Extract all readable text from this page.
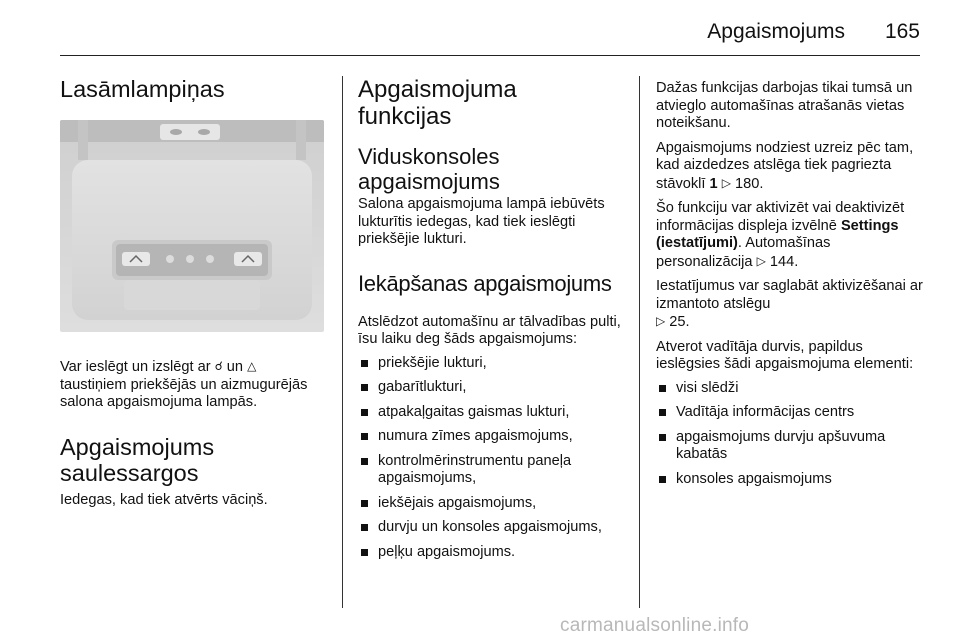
Apgaismojums 165
Lasāmlampiņas

Var ieslēgt un izslēgt ar ☌ un △ taustiņiem priekšējās un aizmugurējās salona apgaismojuma lampās.

Apgaismojums
saulessargos

Iedegas, kad tiek atvērts vāciņš.

Apgaismojuma
funkcijas
Viduskonsoles
apgaismojums

Salona apgaismojuma lampā iebūvēts lukturītis iedegas, kad tiek ieslēgti priekšējie lukturi.

Iekāpšanas apgaismojums

Atslēdzot automašīnu ar tālvadības pulti, īsu laiku deg šāds apgaismojums:

priekšējie lukturi,
gabarītlukturi,
atpakaļgaitas gaismas lukturi,
numura zīmes apgaismojums,
kontrolmērinstrumentu paneļa apgaismojums,
iekšējais apgaismojums,
durvju un konsoles apgaismojums,
peļķu apgaismojums.

Dažas funkcijas darbojas tikai tumsā un atvieglo automašīnas atrašanās vietas noteikšanu.

Apgaismojums nodziest uzreiz pēc tam, kad aizdedzes atslēga tiek pagriezta stāvoklī 1 ▷ 180.

Šo funkciju var aktivizēt vai deaktivizēt informācijas displeja izvēlnē Settings (iestatījumi). Automašīnas personalizācija ▷ 144.

Iestatījumus var saglabāt aktivizēšanai ar izmantoto atslēgu
▷ 25.

Atverot vadītāja durvis, papildus ieslēgsies šādi apgaismojuma elementi:

visi slēdži
Vadītāja informācijas centrs
apgaismojums durvju apšuvuma kabatās
konsoles apgaismojums
carmanualsonline.info
